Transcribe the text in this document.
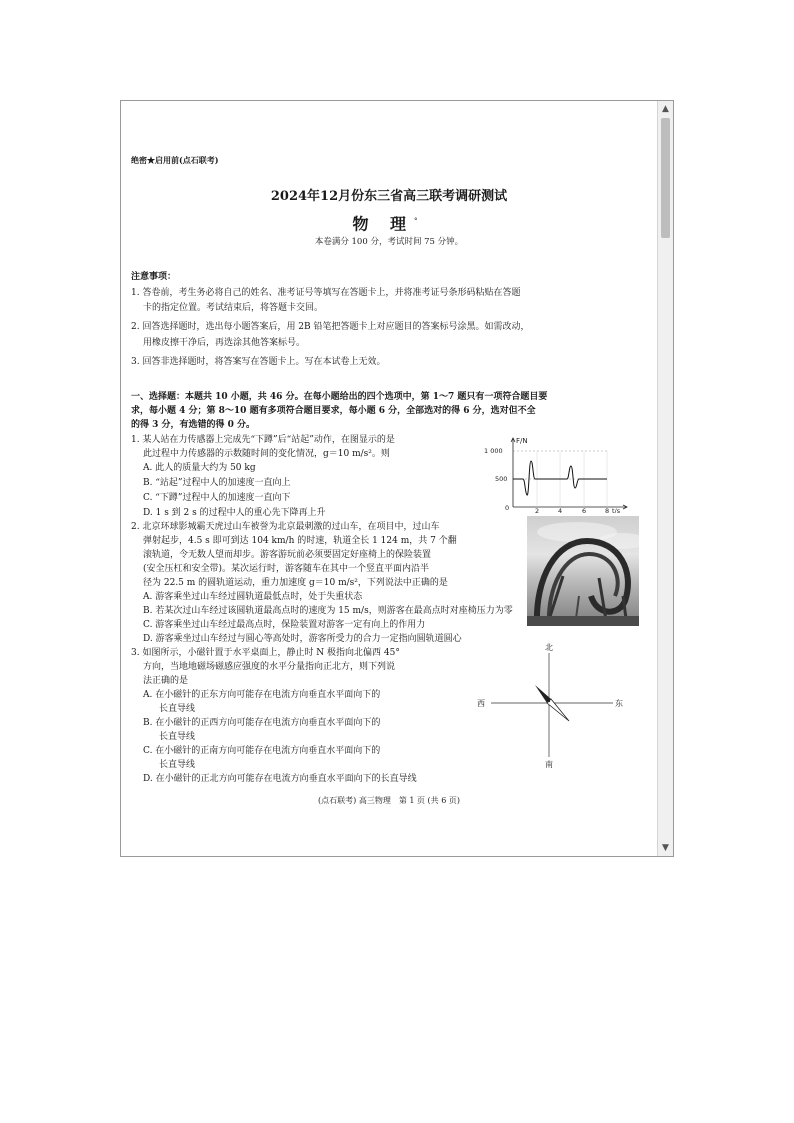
绝密★启用前(点石联考)
2024年12月份东三省高三联考调研测试
物 理°
本卷满分 100 分，考试时间 75 分钟。
注意事项：
1. 答卷前，考生务必将自己的姓名、准考证号等填写在答题卡上，并将准考证号条形码粘贴在答题
卡的指定位置。考试结束后，将答题卡交回。
2. 回答选择题时，选出每小题答案后，用 2B 铅笔把答题卡上对应题目的答案标号涂黑。如需改动，
用橡皮擦干净后，再选涂其他答案标号。
3. 回答非选择题时，将答案写在答题卡上。写在本试卷上无效。
一、选择题：本题共 10 小题，共 46 分。在每小题给出的四个选项中，第 1～7 题只有一项符合题目要
求，每小题 4 分；第 8～10 题有多项符合题目要求，每小题 6 分，全部选对的得 6 分，选对但不全
的得 3 分，有选错的得 0 分。
1. 某人站在力传感器上完成先“下蹲”后“站起”动作，在图显示的是
此过程中力传感器的示数随时间的变化情况，g＝10 m/s²。则
A. 此人的质量大约为 50 kg
B. “站起”过程中人的加速度一直向上
C. “下蹲”过程中人的加速度一直向下
D. 1 s 到 2 s 的过程中人的重心先下降再上升
F/N
1 000
500
0	2	4	6	8 t/s
2. 北京环球影城霸天虎过山车被誉为北京最刺激的过山车，在项目中，过山车
弹射起步，4.5 s 即可到达 104 km/h 的时速，轨道全长 1 124 m，共 7 个翻
滚轨道，令无数人望而却步。游客游玩前必须要固定好座椅上的保险装置
(安全压杠和安全带)。某次运行时，游客随车在其中一个竖直平面内沿半
径为 22.5 m 的圆轨道运动，重力加速度 g＝10 m/s²，下列说法中正确的是
A. 游客乘坐过山车经过圆轨道最低点时，处于失重状态
B. 若某次过山车经过该圆轨道最高点时的速度为 15 m/s，则游客在最高点时对座椅压力为零
C. 游客乘坐过山车经过最高点时，保险装置对游客一定有向上的作用力
D. 游客乘坐过山车经过与圆心等高处时，游客所受力的合力一定指向圆轨道圆心
3. 如图所示，小磁针置于水平桌面上，静止时 N 极指向北偏西 45°
方向，当地地磁场磁感应强度的水平分量指向正北方，则下列说
法正确的是
A. 在小磁针的正东方向可能存在电流方向垂直水平面向下的
长直导线
B. 在小磁针的正西方向可能存在电流方向垂直水平面向下的
长直导线
C. 在小磁针的正南方向可能存在电流方向垂直水平面向下的
长直导线
D. 在小磁针的正北方向可能存在电流方向垂直水平面向下的长直导线
北
南
西	东
(点石联考) 高三物理　第 1 页 (共 6 页)
▲
▼
